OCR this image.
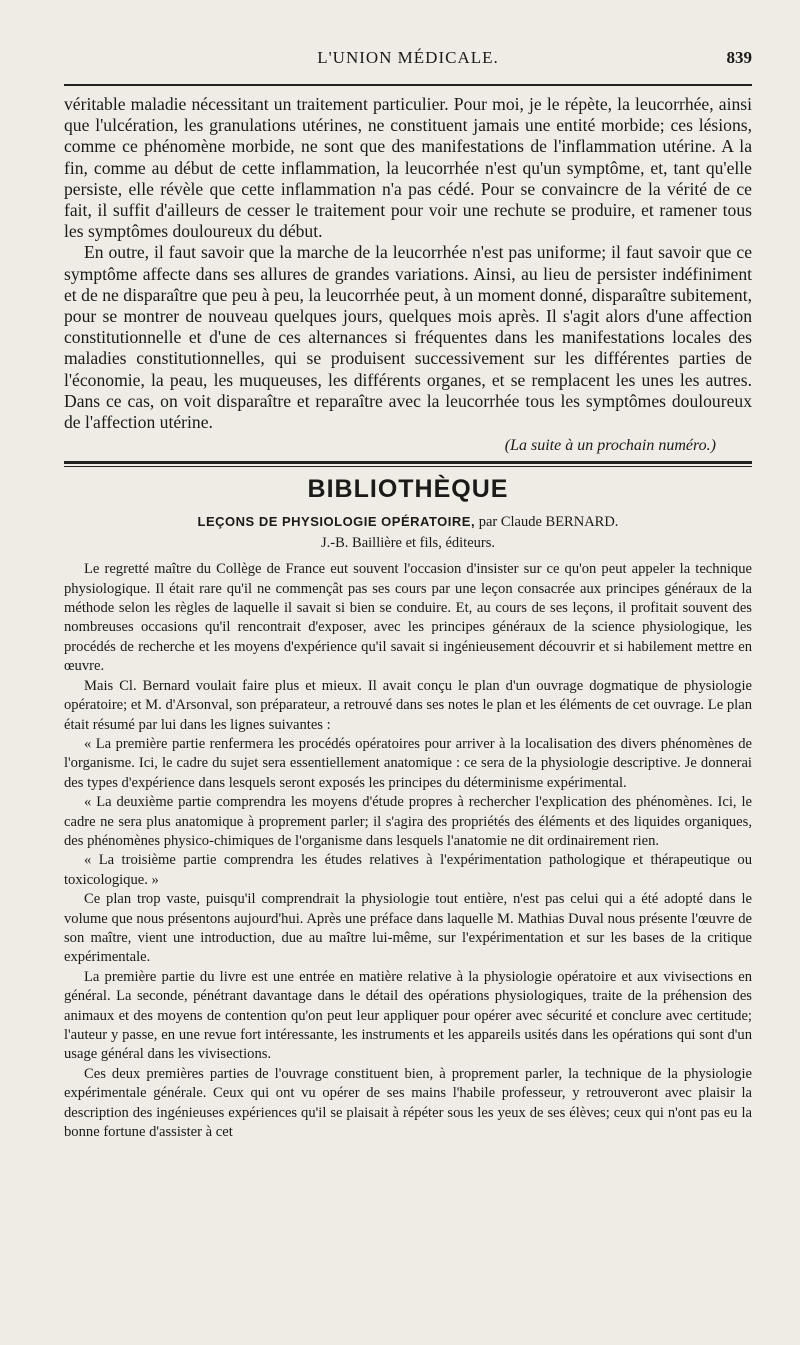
L'UNION MÉDICALE.	839

véritable maladie nécessitant un traitement particulier. Pour moi, je le répète, la leucorrhée, ainsi que l'ulcération, les granulations utérines, ne constituent jamais une entité morbide; ces lésions, comme ce phénomène morbide, ne sont que des manifestations de l'inflammation utérine. A la fin, comme au début de cette inflammation, la leucorrhée n'est qu'un symptôme, et, tant qu'elle persiste, elle révèle que cette inflammation n'a pas cédé. Pour se convaincre de la vérité de ce fait, il suffit d'ailleurs de cesser le traitement pour voir une rechute se produire, et ramener tous les symptômes douloureux du début.

En outre, il faut savoir que la marche de la leucorrhée n'est pas uniforme; il faut savoir que ce symptôme affecte dans ses allures de grandes variations. Ainsi, au lieu de persister indéfiniment et de ne disparaître que peu à peu, la leucorrhée peut, à un moment donné, disparaître subitement, pour se montrer de nouveau quelques jours, quelques mois après. Il s'agit alors d'une affection constitutionnelle et d'une de ces alternances si fréquentes dans les manifestations locales des maladies constitutionnelles, qui se produisent successivement sur les différentes parties de l'économie, la peau, les muqueuses, les différents organes, et se remplacent les unes les autres. Dans ce cas, on voit disparaître et reparaître avec la leucorrhée tous les symptômes douloureux de l'affection utérine.

(La suite à un prochain numéro.)
BIBLIOTHÈQUE
LEÇONS DE PHYSIOLOGIE OPÉRATOIRE, par Claude BERNARD.
J.-B. Baillière et fils, éditeurs.

Le regretté maître du Collège de France eut souvent l'occasion d'insister sur ce qu'on peut appeler la technique physiologique. Il était rare qu'il ne commençât pas ses cours par une leçon consacrée aux principes généraux de la méthode selon les règles de laquelle il savait si bien se conduire. Et, au cours de ses leçons, il profitait souvent des nombreuses occasions qu'il rencontrait d'exposer, avec les principes généraux de la science physiologique, les procédés de recherche et les moyens d'expérience qu'il savait si ingénieusement découvrir et si habilement mettre en œuvre.

Mais Cl. Bernard voulait faire plus et mieux. Il avait conçu le plan d'un ouvrage dogmatique de physiologie opératoire; et M. d'Arsonval, son préparateur, a retrouvé dans ses notes le plan et les éléments de cet ouvrage. Le plan était résumé par lui dans les lignes suivantes :

« La première partie renfermera les procédés opératoires pour arriver à la localisation des divers phénomènes de l'organisme. Ici, le cadre du sujet sera essentiellement anatomique : ce sera de la physiologie descriptive. Je donnerai des types d'expérience dans lesquels seront exposés les principes du déterminisme expérimental.

« La deuxième partie comprendra les moyens d'étude propres à rechercher l'explication des phénomènes. Ici, le cadre ne sera plus anatomique à proprement parler; il s'agira des propriétés des éléments et des liquides organiques, des phénomènes physico-chimiques de l'organisme dans lesquels l'anatomie ne dit ordinairement rien.

« La troisième partie comprendra les études relatives à l'expérimentation pathologique et thérapeutique ou toxicologique. »

Ce plan trop vaste, puisqu'il comprendrait la physiologie tout entière, n'est pas celui qui a été adopté dans le volume que nous présentons aujourd'hui. Après une préface dans laquelle M. Mathias Duval nous présente l'œuvre de son maître, vient une introduction, due au maître lui-même, sur l'expérimentation et sur les bases de la critique expérimentale.

La première partie du livre est une entrée en matière relative à la physiologie opératoire et aux vivisections en général. La seconde, pénétrant davantage dans le détail des opérations physiologiques, traite de la préhension des animaux et des moyens de contention qu'on peut leur appliquer pour opérer avec sécurité et conclure avec certitude; l'auteur y passe, en une revue fort intéressante, les instruments et les appareils usités dans les opérations qui sont d'un usage général dans les vivisections.

Ces deux premières parties de l'ouvrage constituent bien, à proprement parler, la technique de la physiologie expérimentale générale. Ceux qui ont vu opérer de ses mains l'habile professeur, y retrouveront avec plaisir la description des ingénieuses expériences qu'il se plaisait à répéter sous les yeux de ses élèves; ceux qui n'ont pas eu la bonne fortune d'assister à cet
